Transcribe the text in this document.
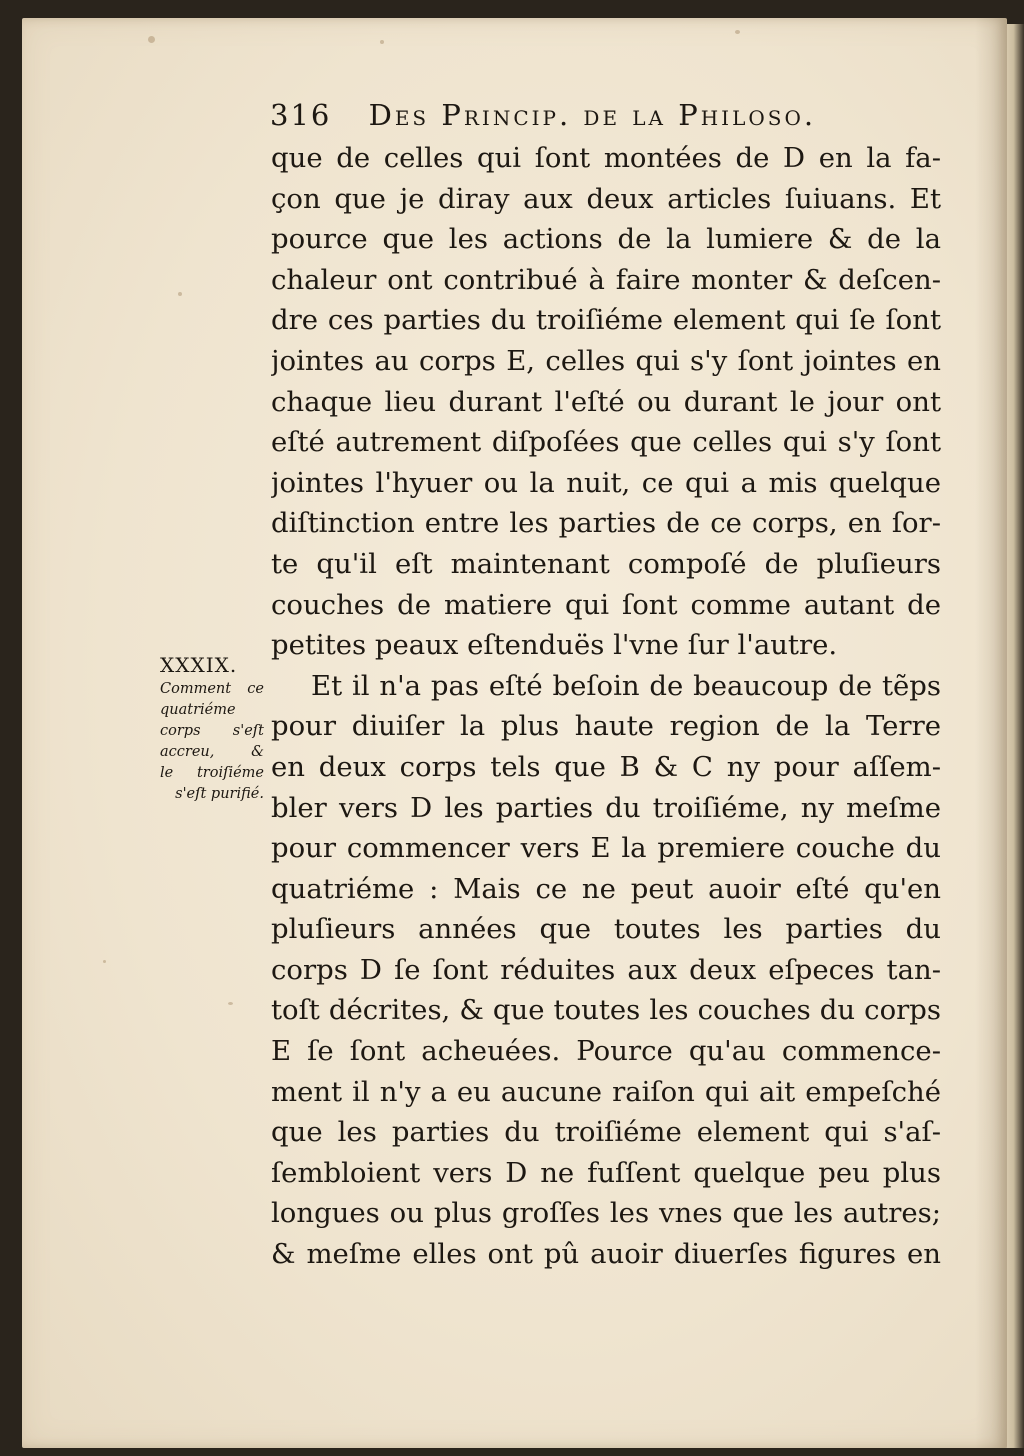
316 Des Princip. de la Philoso.
XXXIX.
Comment ce
quatriéme
corps s'eſt
accreu, &
le troiſiéme
s'eſt purifié.
que de celles qui ſont montées de D en la fa-
çon que je diray aux deux articles ſuiuans. Et
pource que les actions de la lumiere & de la
chaleur ont contribué à faire monter & deſcen-
dre ces parties du troiſiéme element qui ſe ſont
jointes au corps E, celles qui s'y ſont jointes en
chaque lieu durant l'eſté ou durant le jour ont
eſté autrement diſpoſées que celles qui s'y ſont
jointes l'hyuer ou la nuit, ce qui a mis quelque
diſtinction entre les parties de ce corps, en ſor-
te qu'il eſt maintenant compoſé de pluſieurs
couches de matiere qui ſont comme autant de
petites peaux eſtenduës l'vne ſur l'autre.
Et il n'a pas eſté beſoin de beaucoup de tẽps
pour diuiſer la plus haute region de la Terre
en deux corps tels que B & C ny pour aſſem-
bler vers D les parties du troiſiéme, ny meſme
pour commencer vers E la premiere couche du
quatriéme : Mais ce ne peut auoir eſté qu'en
pluſieurs années que toutes les parties du
corps D ſe ſont réduites aux deux eſpeces tan-
toſt décrites, & que toutes les couches du corps
E ſe ſont acheuées. Pource qu'au commence-
ment il n'y a eu aucune raiſon qui ait empeſché
que les parties du troiſiéme element qui s'aſ-
ſembloient vers D ne fuſſent quelque peu plus
longues ou plus groſſes les vnes que les autres;
& meſme elles ont pû auoir diuerſes figures en
